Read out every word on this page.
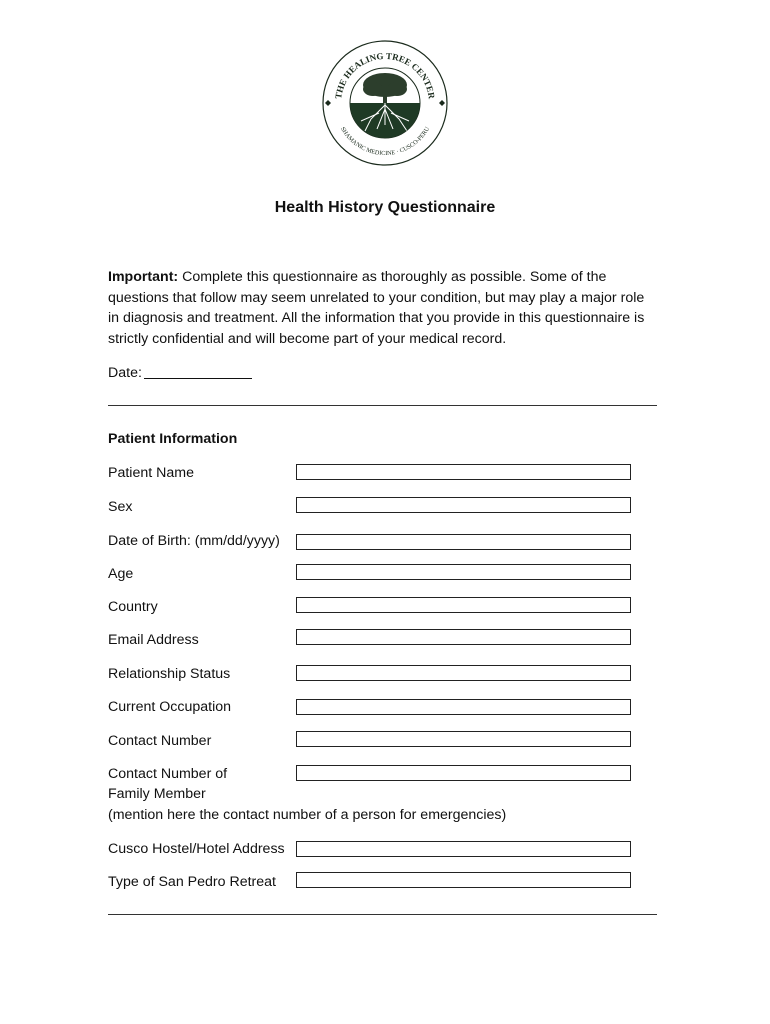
THE HEALING TREE CENTER
SHAMANIC MEDICINE · CUSCO-PERU
Health History Questionnaire
Important: Complete this questionnaire as thoroughly as possible. Some of the questions that follow may seem unrelated to your condition, but may play a major role in diagnosis and treatment. All the information that you provide in this questionnaire is strictly confidential and will become part of your medical record.
Date:
Patient Information
Patient Name
Sex
Date of Birth: (mm/dd/yyyy)
Age
Country
Email Address
Relationship Status
Current Occupation
Contact Number
Contact Number of
Family Member
(mention here the contact number of a person for emergencies)
Cusco Hostel/Hotel Address
Type of San Pedro Retreat
